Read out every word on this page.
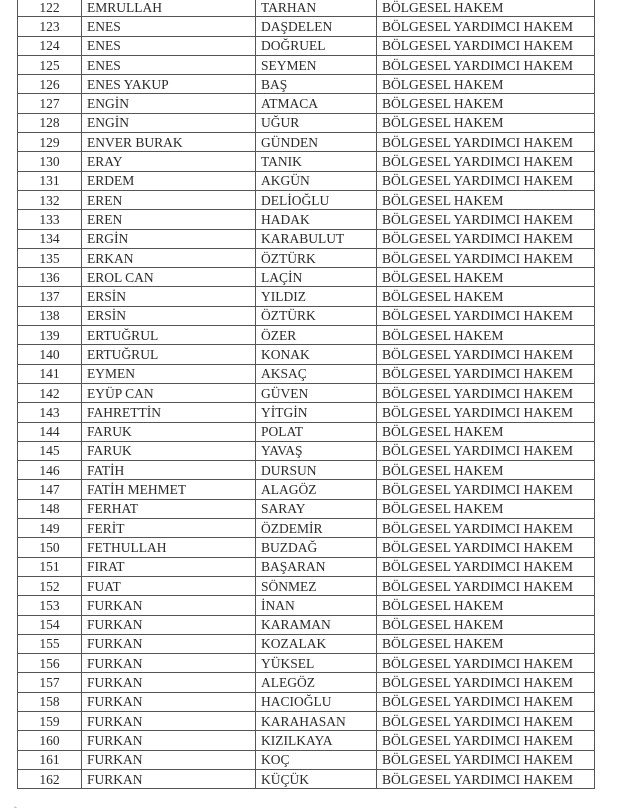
122	EMRULLAH	TARHAN	BÖLGESEL HAKEM
123	ENES	DAŞDELEN	BÖLGESEL YARDIMCI HAKEM
124	ENES	DOĞRUEL	BÖLGESEL YARDIMCI HAKEM
125	ENES	SEYMEN	BÖLGESEL YARDIMCI HAKEM
126	ENES YAKUP	BAŞ	BÖLGESEL HAKEM
127	ENGİN	ATMACA	BÖLGESEL HAKEM
128	ENGİN	UĞUR	BÖLGESEL HAKEM
129	ENVER BURAK	GÜNDEN	BÖLGESEL YARDIMCI HAKEM
130	ERAY	TANIK	BÖLGESEL YARDIMCI HAKEM
131	ERDEM	AKGÜN	BÖLGESEL YARDIMCI HAKEM
132	EREN	DELİOĞLU	BÖLGESEL HAKEM
133	EREN	HADAK	BÖLGESEL YARDIMCI HAKEM
134	ERGİN	KARABULUT	BÖLGESEL YARDIMCI HAKEM
135	ERKAN	ÖZTÜRK	BÖLGESEL YARDIMCI HAKEM
136	EROL CAN	LAÇİN	BÖLGESEL HAKEM
137	ERSİN	YILDIZ	BÖLGESEL HAKEM
138	ERSİN	ÖZTÜRK	BÖLGESEL YARDIMCI HAKEM
139	ERTUĞRUL	ÖZER	BÖLGESEL HAKEM
140	ERTUĞRUL	KONAK	BÖLGESEL YARDIMCI HAKEM
141	EYMEN	AKSAÇ	BÖLGESEL YARDIMCI HAKEM
142	EYÜP CAN	GÜVEN	BÖLGESEL YARDIMCI HAKEM
143	FAHRETTİN	YİTGİN	BÖLGESEL YARDIMCI HAKEM
144	FARUK	POLAT	BÖLGESEL HAKEM
145	FARUK	YAVAŞ	BÖLGESEL YARDIMCI HAKEM
146	FATİH	DURSUN	BÖLGESEL HAKEM
147	FATİH MEHMET	ALAGÖZ	BÖLGESEL YARDIMCI HAKEM
148	FERHAT	SARAY	BÖLGESEL HAKEM
149	FERİT	ÖZDEMİR	BÖLGESEL YARDIMCI HAKEM
150	FETHULLAH	BUZDAĞ	BÖLGESEL YARDIMCI HAKEM
151	FIRAT	BAŞARAN	BÖLGESEL YARDIMCI HAKEM
152	FUAT	SÖNMEZ	BÖLGESEL YARDIMCI HAKEM
153	FURKAN	İNAN	BÖLGESEL HAKEM
154	FURKAN	KARAMAN	BÖLGESEL HAKEM
155	FURKAN	KOZALAK	BÖLGESEL HAKEM
156	FURKAN	YÜKSEL	BÖLGESEL YARDIMCI HAKEM
157	FURKAN	ALEGÖZ	BÖLGESEL YARDIMCI HAKEM
158	FURKAN	HACIOĞLU	BÖLGESEL YARDIMCI HAKEM
159	FURKAN	KARAHASAN	BÖLGESEL YARDIMCI HAKEM
160	FURKAN	KIZILKAYA	BÖLGESEL YARDIMCI HAKEM
161	FURKAN	KOÇ	BÖLGESEL YARDIMCI HAKEM
162	FURKAN	KÜÇÜK	BÖLGESEL YARDIMCI HAKEM
‸
